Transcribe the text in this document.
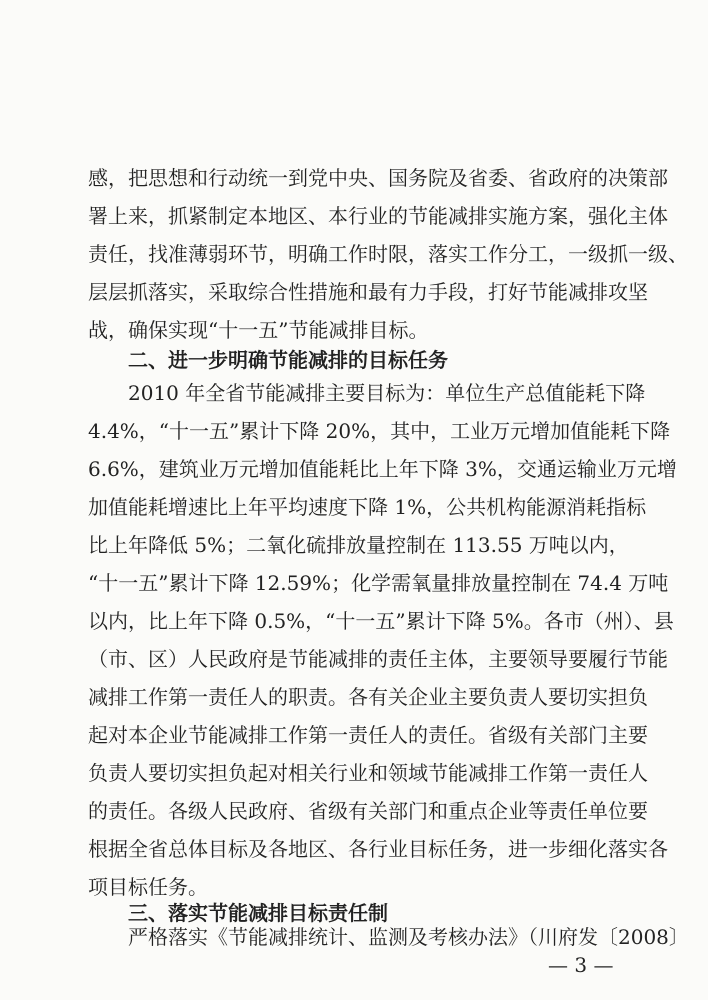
感，把思想和行动统一到党中央、国务院及省委、省政府的决策部
署上来，抓紧制定本地区、本行业的节能减排实施方案，强化主体
责任，找准薄弱环节，明确工作时限，落实工作分工，一级抓一级、
层层抓落实，采取综合性措施和最有力手段，打好节能减排攻坚
战，确保实现“十一五”节能减排目标。
二、进一步明确节能减排的目标任务
2010 年全省节能减排主要目标为：单位生产总值能耗下降
4.4%，“十一五”累计下降 20%，其中，工业万元增加值能耗下降
6.6%，建筑业万元增加值能耗比上年下降 3%，交通运输业万元增
加值能耗增速比上年平均速度下降 1%，公共机构能源消耗指标
比上年降低 5%；二氧化硫排放量控制在 113.55 万吨以内，
“十一五”累计下降 12.59%；化学需氧量排放量控制在 74.4 万吨
以内，比上年下降 0.5%，“十一五”累计下降 5%。各市（州）、县
（市、区）人民政府是节能减排的责任主体，主要领导要履行节能
减排工作第一责任人的职责。各有关企业主要负责人要切实担负
起对本企业节能减排工作第一责任人的责任。省级有关部门主要
负责人要切实担负起对相关行业和领域节能减排工作第一责任人
的责任。各级人民政府、省级有关部门和重点企业等责任单位要
根据全省总体目标及各地区、各行业目标任务，进一步细化落实各
项目标任务。
三、落实节能减排目标责任制
严格落实《节能减排统计、监测及考核办法》（川府发〔2008〕
— 3 —
